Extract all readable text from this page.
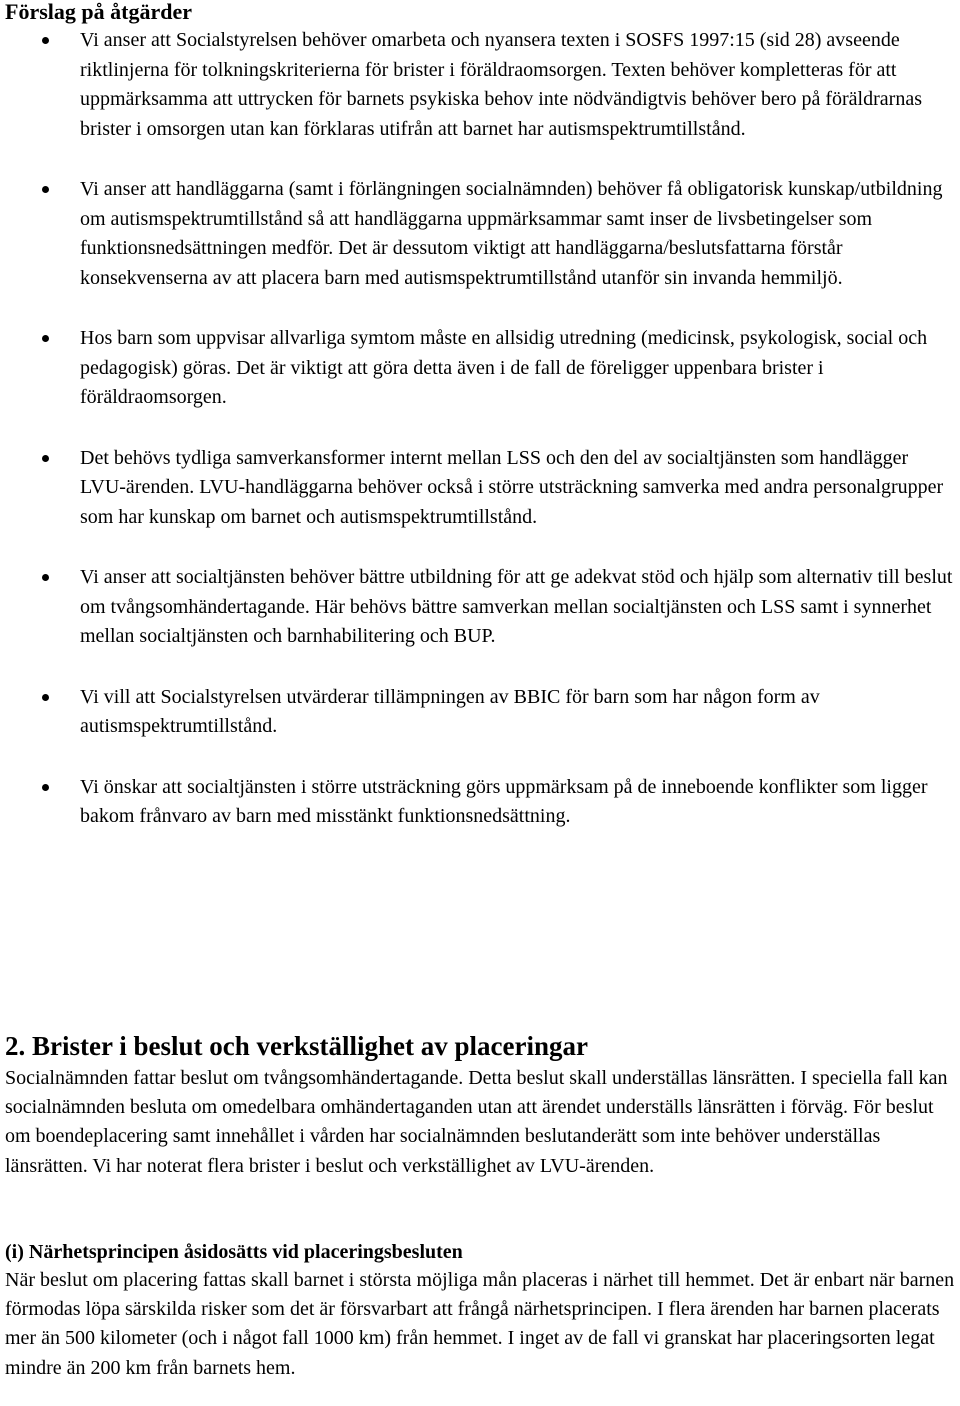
Förslag på åtgärder
Vi anser att Socialstyrelsen behöver omarbeta och nyansera texten i SOSFS 1997:15 (sid 28) avseende riktlinjerna för tolkningskriterierna för brister i föräldraomsorgen. Texten behöver kompletteras för att uppmärksamma att uttrycken för barnets psykiska behov inte nödvändigtvis behöver bero på föräldrarnas brister i omsorgen utan kan förklaras utifrån att barnet har autismspektrumtillstånd.
Vi anser att handläggarna (samt i förlängningen socialnämnden) behöver få obligatorisk kunskap/utbildning om autismspektrumtillstånd så att handläggarna uppmärksammar samt inser de livsbetingelser som funktionsnedsättningen medför. Det är dessutom viktigt att handläggarna/beslutsfattarna förstår konsekvenserna av att placera barn med autismspektrumtillstånd utanför sin invanda hemmiljö.
Hos barn som uppvisar allvarliga symtom måste en allsidig utredning (medicinsk, psykologisk, social och pedagogisk) göras. Det är viktigt att göra detta även i de fall de föreligger uppenbara brister i föräldraomsorgen.
Det behövs tydliga samverkansformer internt mellan LSS och den del av socialtjänsten som handlägger LVU-ärenden. LVU-handläggarna behöver också i större utsträckning samverka med andra personalgrupper som har kunskap om barnet och autismspektrumtillstånd.
Vi anser att socialtjänsten behöver bättre utbildning för att ge adekvat stöd och hjälp som alternativ till beslut om tvångsomhändertagande. Här behövs bättre samverkan mellan socialtjänsten och LSS samt i synnerhet mellan socialtjänsten och barnhabilitering och BUP.
Vi vill att Socialstyrelsen utvärderar tillämpningen av BBIC för barn som har någon form av autismspektrumtillstånd.
Vi önskar att socialtjänsten i större utsträckning görs uppmärksam på de inneboende konflikter som ligger bakom frånvaro av barn med misstänkt funktionsnedsättning.
2. Brister i beslut och verkställighet av placeringar

Socialnämnden fattar beslut om tvångsomhändertagande. Detta beslut skall underställas länsrätten. I speciella fall kan socialnämnden besluta om omedelbara omhändertaganden utan att ärendet underställs länsrätten i förväg. För beslut om boendeplacering samt innehållet i vården har socialnämnden beslutanderätt som inte behöver underställas länsrätten. Vi har noterat flera brister i beslut och verkställighet av LVU-ärenden.

(i) Närhetsprincipen åsidosätts vid placeringsbesluten

När beslut om placering fattas skall barnet i största möjliga mån placeras i närhet till hemmet. Det är enbart när barnen förmodas löpa särskilda risker som det är försvarbart att frångå närhetsprincipen. I flera ärenden har barnen placerats mer än 500 kilometer (och i något fall 1000 km) från hemmet. I inget av de fall vi granskat har placeringsorten legat mindre än 200 km från barnets hem.
